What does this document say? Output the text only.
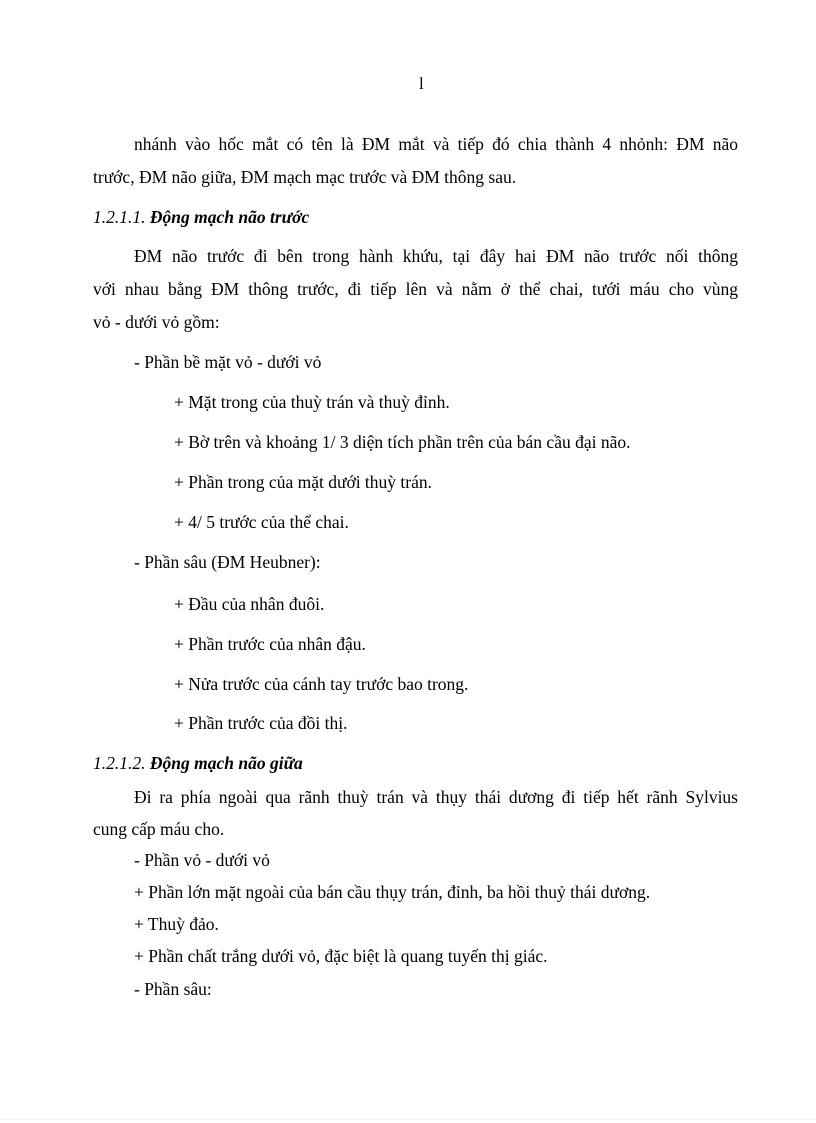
l
nhánh vào hốc mắt có tên là ĐM mắt và tiếp đó chia thành 4 nhỏnh: ĐM não
trước, ĐM não giữa, ĐM mạch mạc trước và ĐM thông sau.
1.2.1.1. Động mạch não trước
ĐM não trước đi bên trong hành khứu, tại đây hai ĐM não trước nối thông
với nhau bằng ĐM thông trước, đi tiếp lên và nằm ở thể chai, tưới máu cho vùng
vỏ - dưới vỏ gồm:
- Phần bề mặt vỏ - dưới vỏ
+ Mặt trong của thuỳ trán và thuỳ đỉnh.
+ Bờ trên và khoảng 1/ 3 diện tích phần trên của bán cầu đại não.
+ Phần trong của mặt dưới thuỳ trán.
+ 4/ 5 trước của thể chai.
- Phần sâu (ĐM Heubner):
+ Đầu của nhân đuôi.
+ Phần trước của nhân đậu.
+ Nửa trước của cánh tay trước bao trong.
+ Phần trước của đồi thị.
1.2.1.2. Động mạch não giữa
Đi ra phía ngoài qua rãnh thuỳ trán và thụy thái dương đi tiếp hết rãnh Sylvius
cung cấp máu cho.
- Phần vỏ - dưới vỏ
+ Phần lớn mặt ngoài của bán cầu thụy trán, đỉnh, ba hồi thuỷ thái dương.
+ Thuỳ đảo.
+ Phần chất trắng dưới vỏ, đặc biệt là quang tuyến thị giác.
- Phần sâu:
